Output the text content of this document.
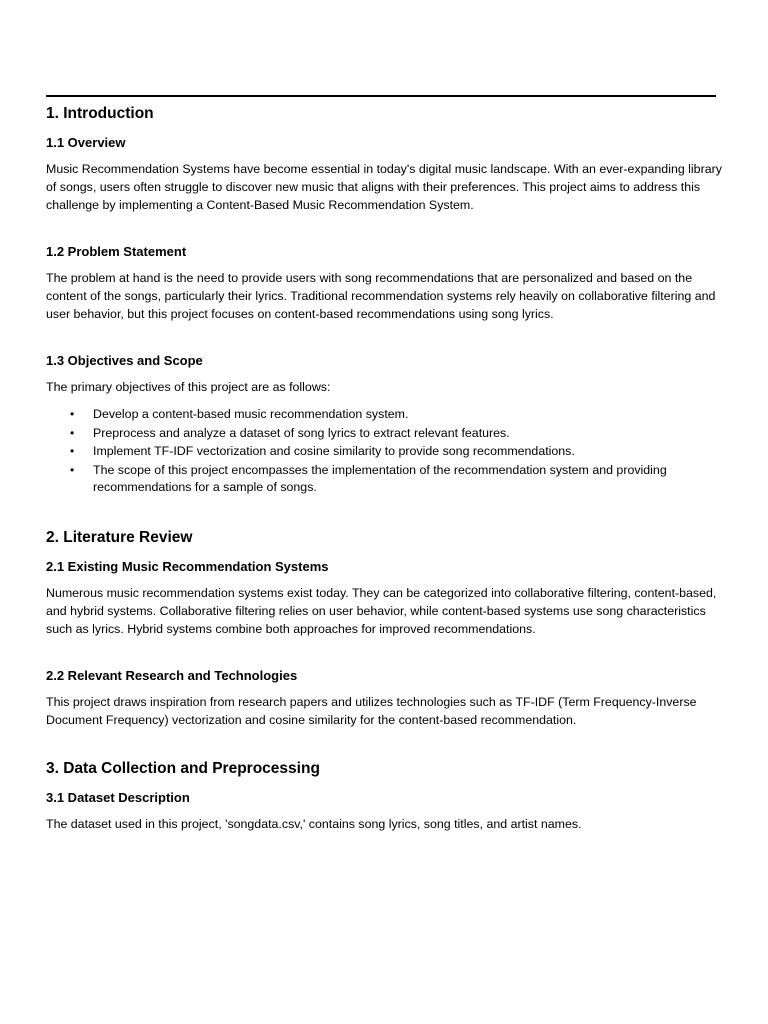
1. Introduction
1.1 Overview

Music Recommendation Systems have become essential in today's digital music landscape. With an ever-expanding library of songs, users often struggle to discover new music that aligns with their preferences. This project aims to address this challenge by implementing a Content-Based Music Recommendation System.

1.2 Problem Statement

The problem at hand is the need to provide users with song recommendations that are personalized and based on the content of the songs, particularly their lyrics. Traditional recommendation systems rely heavily on collaborative filtering and user behavior, but this project focuses on content-based recommendations using song lyrics.

1.3 Objectives and Scope

The primary objectives of this project are as follows:

• Develop a content-based music recommendation system.
• Preprocess and analyze a dataset of song lyrics to extract relevant features.
• Implement TF-IDF vectorization and cosine similarity to provide song recommendations.
• The scope of this project encompasses the implementation of the recommendation system and providing recommendations for a sample of songs.
2. Literature Review
2.1 Existing Music Recommendation Systems

Numerous music recommendation systems exist today. They can be categorized into collaborative filtering, content-based, and hybrid systems. Collaborative filtering relies on user behavior, while content-based systems use song characteristics such as lyrics. Hybrid systems combine both approaches for improved recommendations.

2.2 Relevant Research and Technologies

This project draws inspiration from research papers and utilizes technologies such as TF-IDF (Term Frequency-Inverse Document Frequency) vectorization and cosine similarity for the content-based recommendation.

3. Data Collection and Preprocessing
3.1 Dataset Description

The dataset used in this project, 'songdata.csv,' contains song lyrics, song titles, and artist names.
